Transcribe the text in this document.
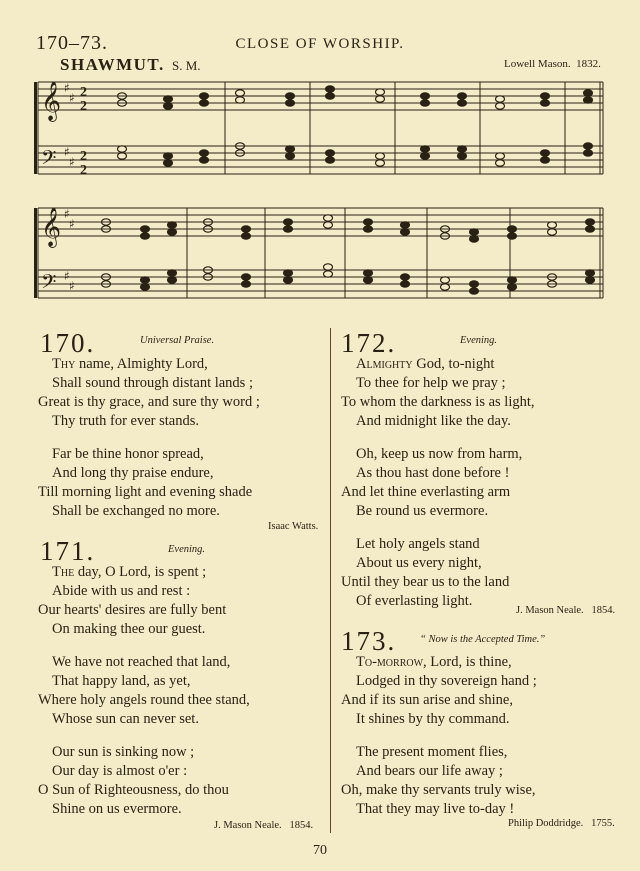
170–73.	CLOSE OF WORSHIP.
SHAWMUT. S. M.	Lowell Mason. 1832.
𝄞 ♯
♯ 2
2
𝄢 ♯
♯ 2
2
𝄞 ♯
♯
𝄢 ♯
♯
170.	Universal Praise.
Thy name, Almighty Lord,
Shall sound through distant lands ;
Great is thy grace, and sure thy word ;
Thy truth for ever stands.
Far be thine honor spread,
And long thy praise endure,
Till morning light and evening shade
Shall be exchanged no more.
Isaac Watts.
171.	Evening.
The day, O Lord, is spent ;
Abide with us and rest :
Our hearts' desires are fully bent
On making thee our guest.
We have not reached that land,
That happy land, as yet,
Where holy angels round thee stand,
Whose sun can never set.
Our sun is sinking now ;
Our day is almost o'er :
O Sun of Righteousness, do thou
Shine on us evermore.
J. Mason Neale. 1854.
172.	Evening.
Almighty God, to-night
To thee for help we pray ;
To whom the darkness is as light,
And midnight like the day.
Oh, keep us now from harm,
As thou hast done before !
And let thine everlasting arm
Be round us evermore.
Let holy angels stand
About us every night,
Until they bear us to the land
Of everlasting light.
J. Mason Neale. 1854.
173. “ Now is the Accepted Time.”
To-morrow, Lord, is thine,
Lodged in thy sovereign hand ;
And if its sun arise and shine,
It shines by thy command.
The present moment flies,
And bears our life away ;
Oh, make thy servants truly wise,
That they may live to-day !
Philip Doddridge. 1755.
70
